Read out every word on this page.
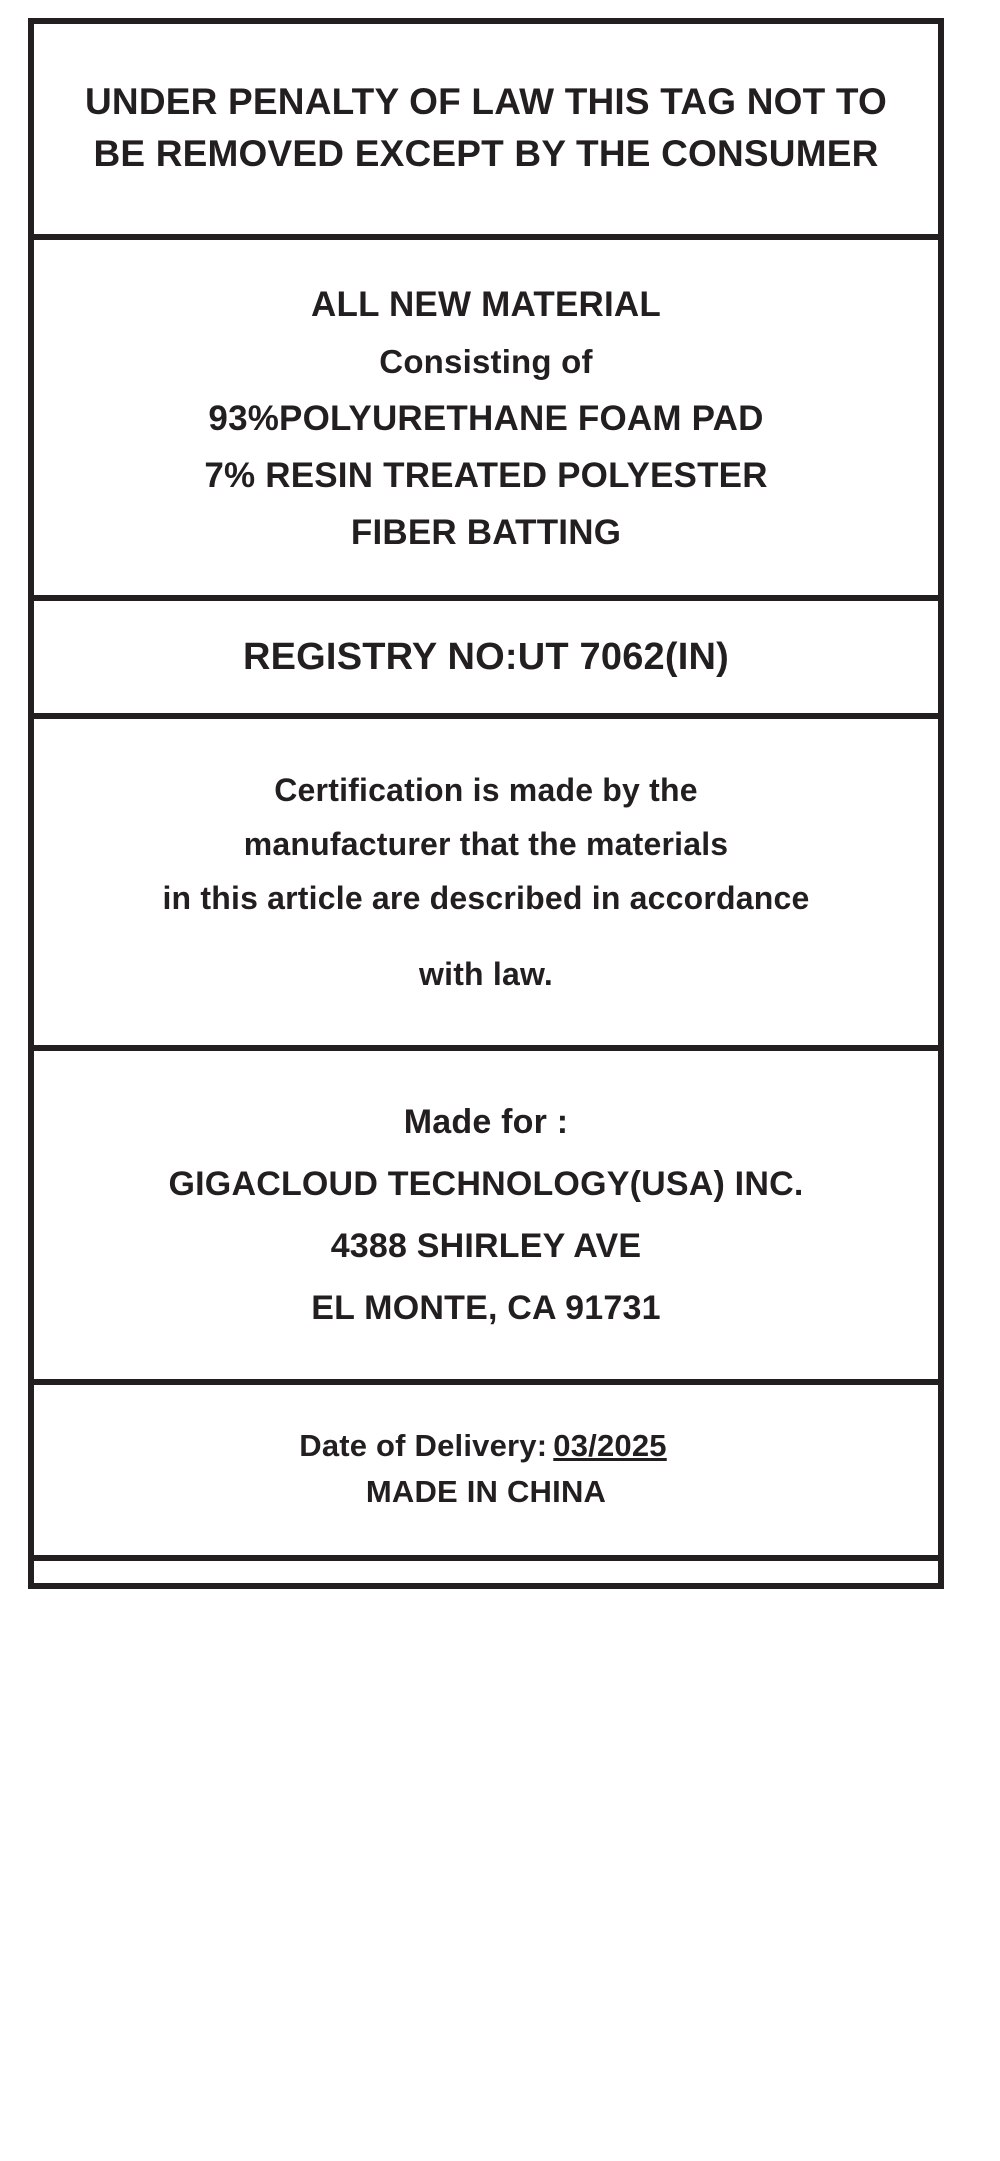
UNDER PENALTY OF LAW THIS TAG NOT TO
BE REMOVED EXCEPT BY THE CONSUMER
ALL NEW MATERIAL
Consisting of
93%POLYURETHANE FOAM PAD
7% RESIN TREATED POLYESTER
FIBER BATTING
REGISTRY NO:UT 7062(IN)
Certification is made by the
manufacturer that the materials
in this article are described in accordance
with law.
Made for :
GIGACLOUD TECHNOLOGY(USA) INC.
4388 SHIRLEY AVE
EL MONTE, CA 91731
Date of Delivery: 03/2025
MADE IN CHINA
